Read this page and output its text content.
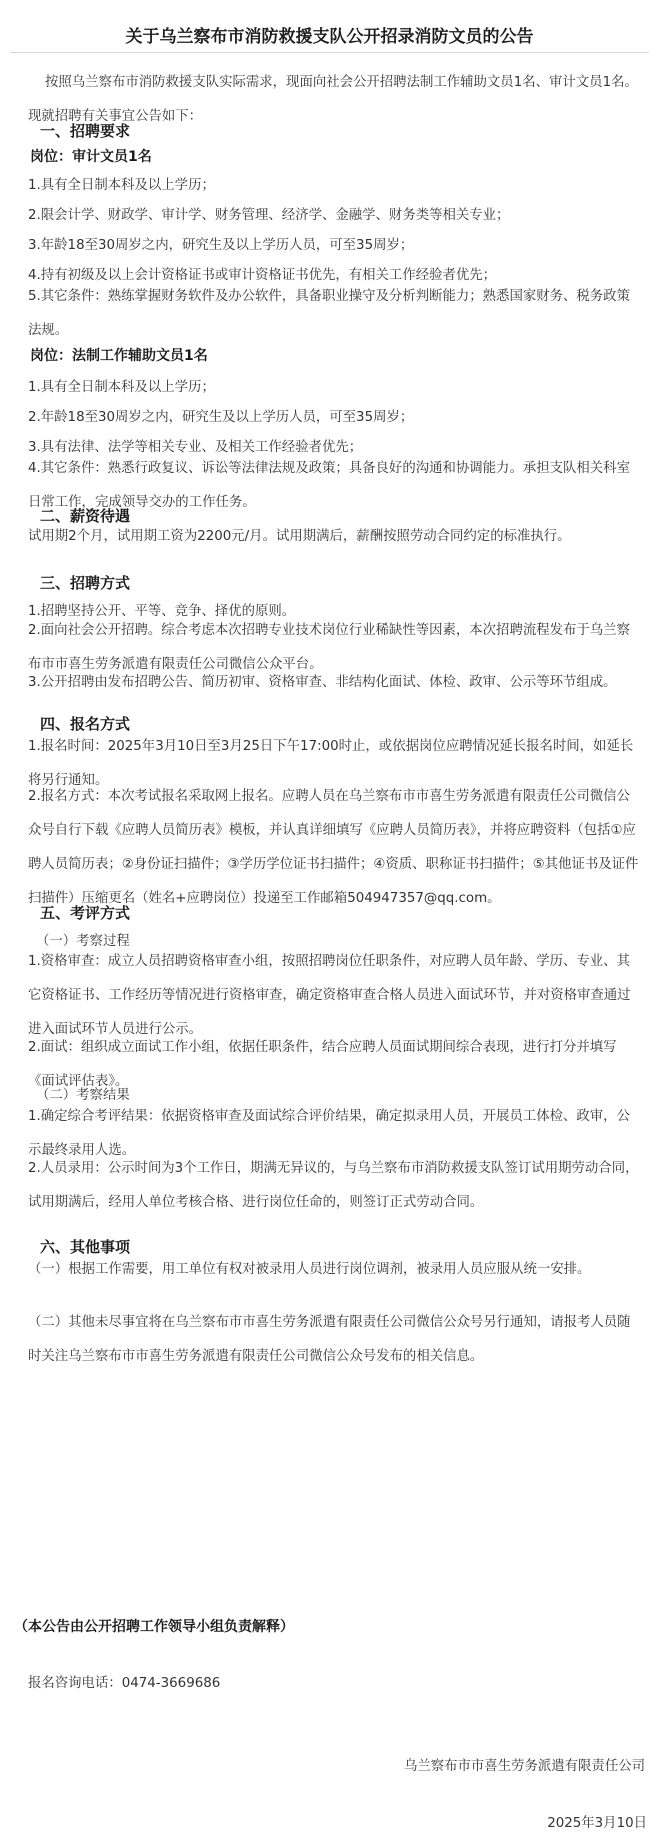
关于乌兰察布市消防救援支队公开招录消防文员的公告
按照乌兰察布市消防救援支队实际需求，现面向社会公开招聘法制工作辅助文员1名、审计文员1名。 现就招聘有关事宜公告如下：
一、招聘要求
岗位：审计文员1名
1.具有全日制本科及以上学历；
2.限会计学、财政学、审计学、财务管理、经济学、金融学、财务类等相关专业；
3.年龄18至30周岁之内，研究生及以上学历人员，可至35周岁；
4.持有初级及以上会计资格证书或审计资格证书优先，有相关工作经验者优先；
5.其它条件：熟练掌握财务软件及办公软件，具备职业操守及分析判断能力；熟悉国家财务、税务政策法规。
岗位：法制工作辅助文员1名
1.具有全日制本科及以上学历；
2.年龄18至30周岁之内，研究生及以上学历人员，可至35周岁；
3.具有法律、法学等相关专业、及相关工作经验者优先；
4.其它条件：熟悉行政复议、诉讼等法律法规及政策；具备良好的沟通和协调能力。承担支队相关科室日常工作，完成领导交办的工作任务。
二、薪资待遇
试用期2个月，试用期工资为2200元/月。试用期满后，薪酬按照劳动合同约定的标准执行。
三、招聘方式
1.招聘坚持公开、平等、竞争、择优的原则。
2.面向社会公开招聘。综合考虑本次招聘专业技术岗位行业稀缺性等因素，本次招聘流程发布于乌兰察布市市喜生劳务派遣有限责任公司微信公众平台。
3.公开招聘由发布招聘公告、简历初审、资格审查、非结构化面试、体检、政审、公示等环节组成。
四、报名方式
1.报名时间：2025年3月10日至3月25日下午17:00时止，或依据岗位应聘情况延长报名时间，如延长将另行通知。
2.报名方式：本次考试报名采取网上报名。应聘人员在乌兰察布市市喜生劳务派遣有限责任公司微信公众号自行下载《应聘人员简历表》模板，并认真详细填写《应聘人员简历表》，并将应聘资料（包括①应聘人员简历表；②身份证扫描件；③学历学位证书扫描件；④资质、职称证书扫描件；⑤其他证书及证件扫描件）压缩更名（姓名+应聘岗位）投递至工作邮箱504947357@qq.com。
五、考评方式
（一）考察过程
1.资格审查：成立人员招聘资格审查小组，按照招聘岗位任职条件，对应聘人员年龄、学历、专业、其它资格证书、工作经历等情况进行资格审查，确定资格审查合格人员进入面试环节，并对资格审查通过进入面试环节人员进行公示。
2.面试：组织成立面试工作小组，依据任职条件，结合应聘人员面试期间综合表现，进行打分并填写《面试评估表》。
（二）考察结果
1.确定综合考评结果：依据资格审查及面试综合评价结果，确定拟录用人员，开展员工体检、政审，公示最终录用人选。
2.人员录用：公示时间为3个工作日，期满无异议的，与乌兰察布市消防救援支队签订试用期劳动合同，试用期满后，经用人单位考核合格、进行岗位任命的，则签订正式劳动合同。
六、其他事项
（一）根据工作需要，用工单位有权对被录用人员进行岗位调剂，被录用人员应服从统一安排。
（二）其他未尽事宜将在乌兰察布市市喜生劳务派遣有限责任公司微信公众号另行通知，请报考人员随时关注乌兰察布市市喜生劳务派遣有限责任公司微信公众号发布的相关信息。
（本公告由公开招聘工作领导小组负责解释）
报名咨询电话：0474-3669686
乌兰察布市市喜生劳务派遣有限责任公司
2025年3月10日
